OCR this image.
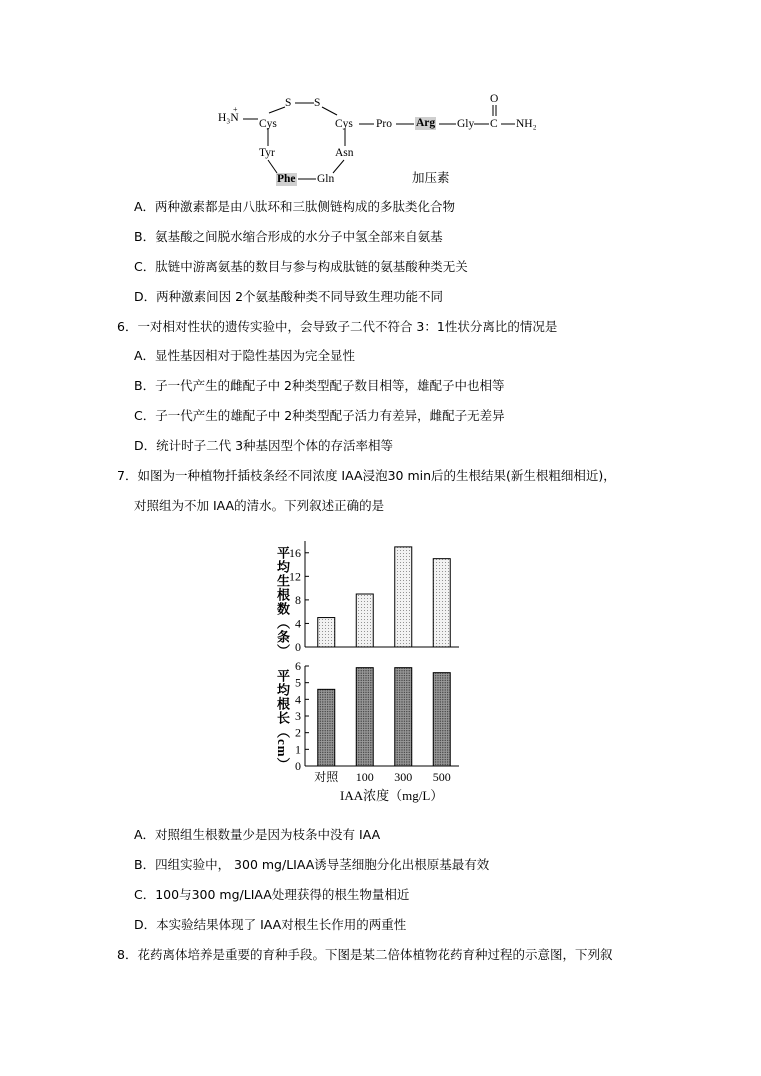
H₃N
+
Cys
S S
Cys
Tyr	Asn
Phe Gln
Pro Arg Gly
O
C NH₂
加压素
A．两种激素都是由八肽环和三肽侧链构成的多肽类化合物
B．氨基酸之间脱水缩合形成的水分子中氢全部来自氨基
C．肽链中游离氨基的数目与参与构成肽链的氨基酸种类无关
D．两种激素间因 2个氨基酸种类不同导致生理功能不同
6．一对相对性状的遗传实验中，会导致子二代不符合 3：1性状分离比的情况是
A．显性基因相对于隐性基因为完全显性
B．子一代产生的雌配子中 2种类型配子数目相等，雄配子中也相等
C．子一代产生的雄配子中 2种类型配子活力有差异，雌配子无差异
D．统计时子二代 3种基因型个体的存活率相等
7．如图为一种植物扦插枝条经不同浓度 IAA浸泡30 min后的生根结果(新生根粗细相近)，
对照组为不加 IAA的清水。下列叙述正确的是
平均生根数（条）
平均根长（cm）
0
4
8
12
16
0
1
2
3
4
5
6
对照 100 300 500
IAA浓度（mg/L）
A．对照组生根数量少是因为枝条中没有 IAA
B．四组实验中， 300 mg/LIAA诱导茎细胞分化出根原基最有效
C．100与300 mg/LIAA处理获得的根生物量相近
D．本实验结果体现了 IAA对根生长作用的两重性
8．花药离体培养是重要的育种手段。下图是某二倍体植物花药育种过程的示意图，下列叙
